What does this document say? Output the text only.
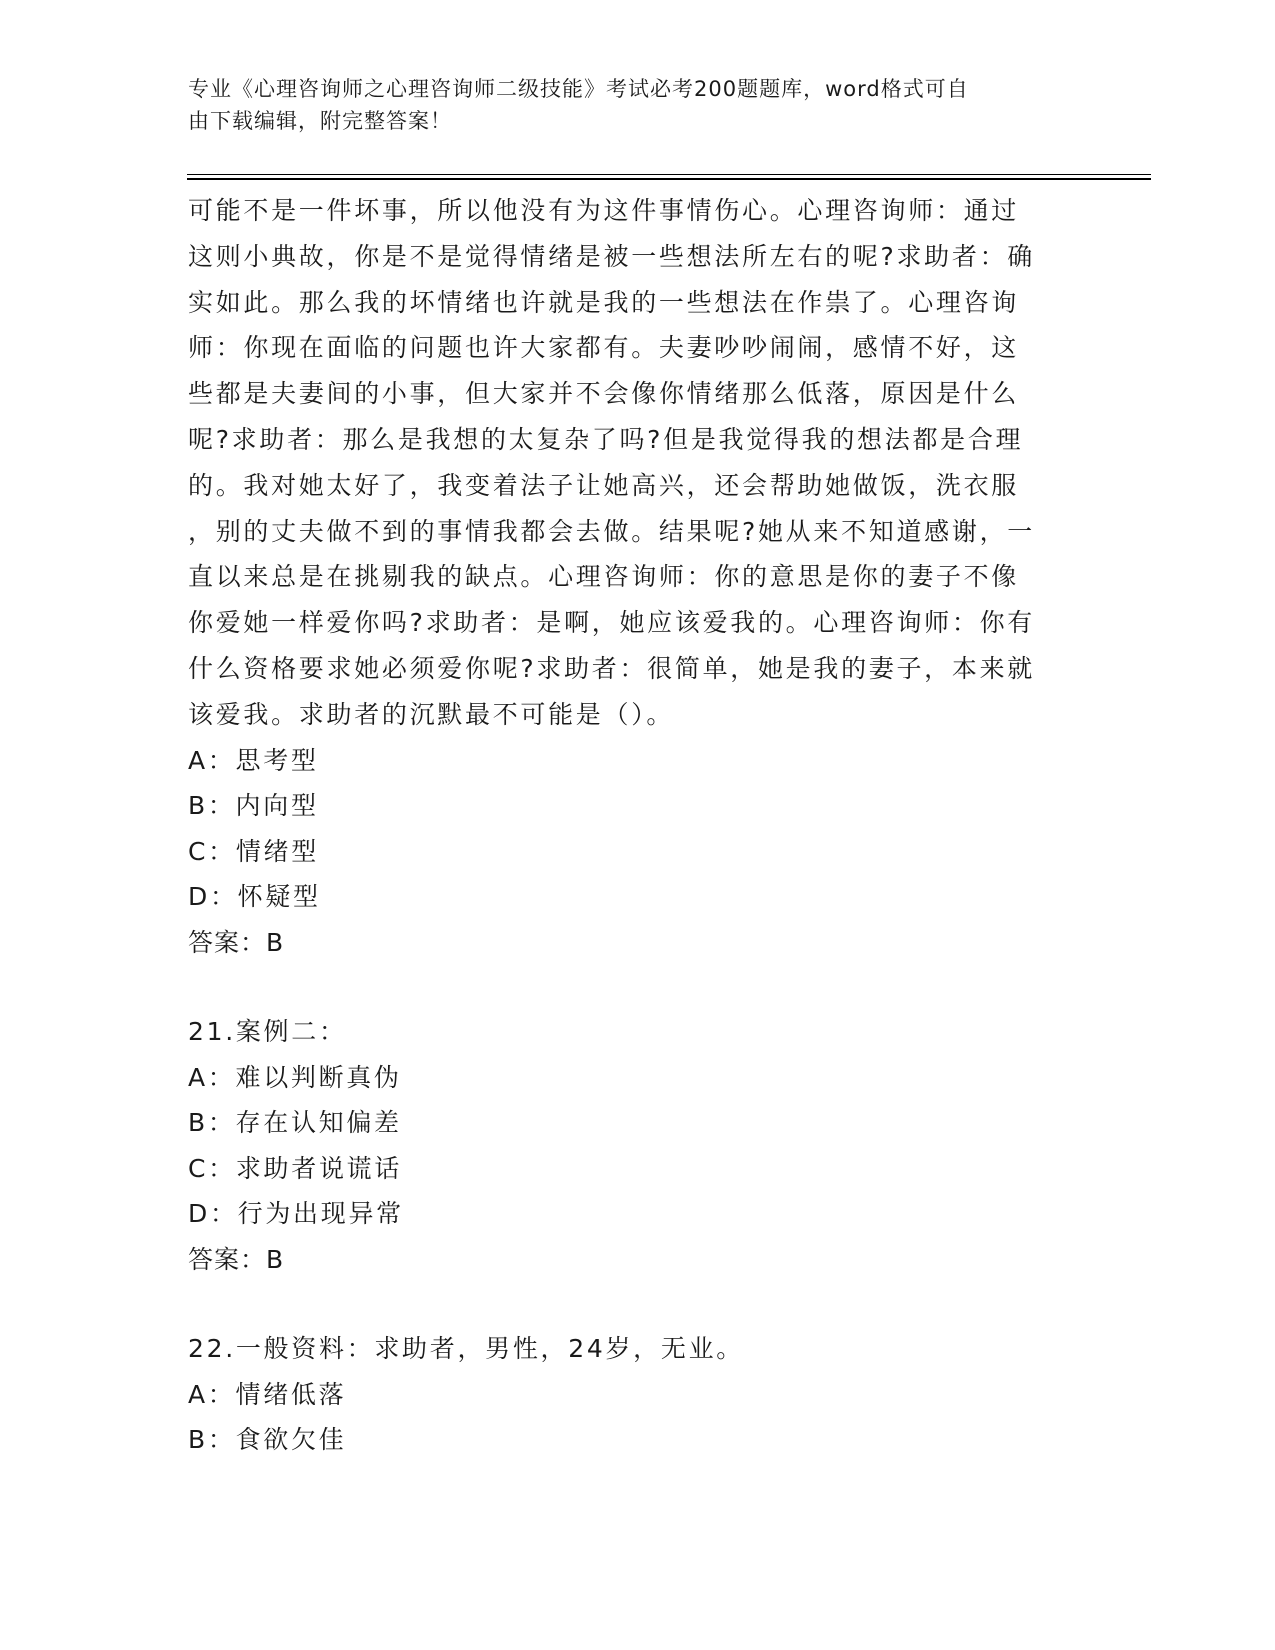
专业《心理咨询师之心理咨询师二级技能》考试必考200题题库，word格式可自
由下载编辑，附完整答案！

可能不是一件坏事，所以他没有为这件事情伤心。心理咨询师：通过

这则小典故，你是不是觉得情绪是被一些想法所左右的呢?求助者：确

实如此。那么我的坏情绪也许就是我的一些想法在作祟了。心理咨询

师：你现在面临的问题也许大家都有。夫妻吵吵闹闹，感情不好，这

些都是夫妻间的小事，但大家并不会像你情绪那么低落，原因是什么

呢?求助者：那么是我想的太复杂了吗?但是我觉得我的想法都是合理

的。我对她太好了，我变着法子让她高兴，还会帮助她做饭，洗衣服

，别的丈夫做不到的事情我都会去做。结果呢?她从来不知道感谢，一

直以来总是在挑剔我的缺点。心理咨询师：你的意思是你的妻子不像

你爱她一样爱你吗?求助者：是啊，她应该爱我的。心理咨询师：你有

什么资格要求她必须爱你呢?求助者：很简单，她是我的妻子，本来就

该爱我。求助者的沉默最不可能是（）。

A：思考型

B：内向型

C：情绪型

D：怀疑型

答案：B

21.案例二：

A：难以判断真伪

B：存在认知偏差

C：求助者说谎话

D：行为出现异常

答案：B

22.一般资料：求助者，男性，24岁，无业。

A：情绪低落

B：食欲欠佳
